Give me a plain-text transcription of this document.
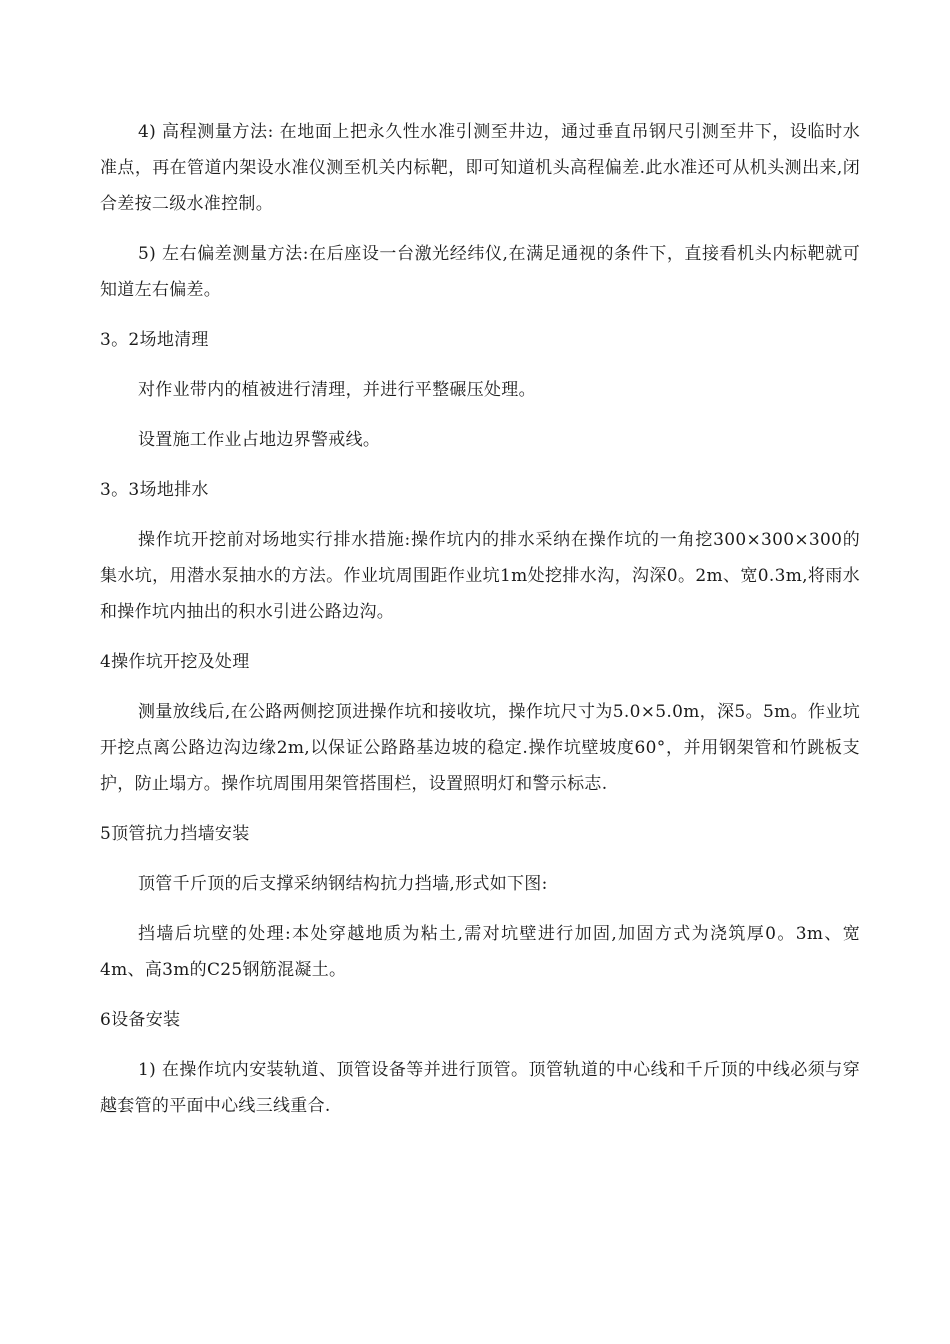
4) 高程测量方法: 在地面上把永久性水准引测至井边，通过垂直吊钢尺引测至井下，设临时水准点，再在管道内架设水准仪测至机关内标靶，即可知道机头高程偏差.此水准还可从机头测出来,闭合差按二级水准控制。

5) 左右偏差测量方法:在后座设一台激光经纬仪,在满足通视的条件下，直接看机头内标靶就可知道左右偏差。

3。2场地清理

对作业带内的植被进行清理，并进行平整碾压处理。

设置施工作业占地边界警戒线。

3。3场地排水

操作坑开挖前对场地实行排水措施:操作坑内的排水采纳在操作坑的一角挖300×300×300的集水坑，用潜水泵抽水的方法。作业坑周围距作业坑1m处挖排水沟，沟深0。2m、宽0.3m,将雨水和操作坑内抽出的积水引进公路边沟。

4操作坑开挖及处理

测量放线后,在公路两侧挖顶进操作坑和接收坑，操作坑尺寸为5.0×5.0m，深5。5m。作业坑开挖点离公路边沟边缘2m,以保证公路路基边坡的稳定.操作坑壁坡度60°，并用钢架管和竹跳板支护，防止塌方。操作坑周围用架管搭围栏，设置照明灯和警示标志.

5顶管抗力挡墙安装

顶管千斤顶的后支撑采纳钢结构抗力挡墙,形式如下图:

挡墙后坑壁的处理:本处穿越地质为粘土,需对坑壁进行加固,加固方式为浇筑厚0。3m、宽4m、高3m的C25钢筋混凝土。

6设备安装

1) 在操作坑内安装轨道、顶管设备等并进行顶管。顶管轨道的中心线和千斤顶的中线必须与穿越套管的平面中心线三线重合.
